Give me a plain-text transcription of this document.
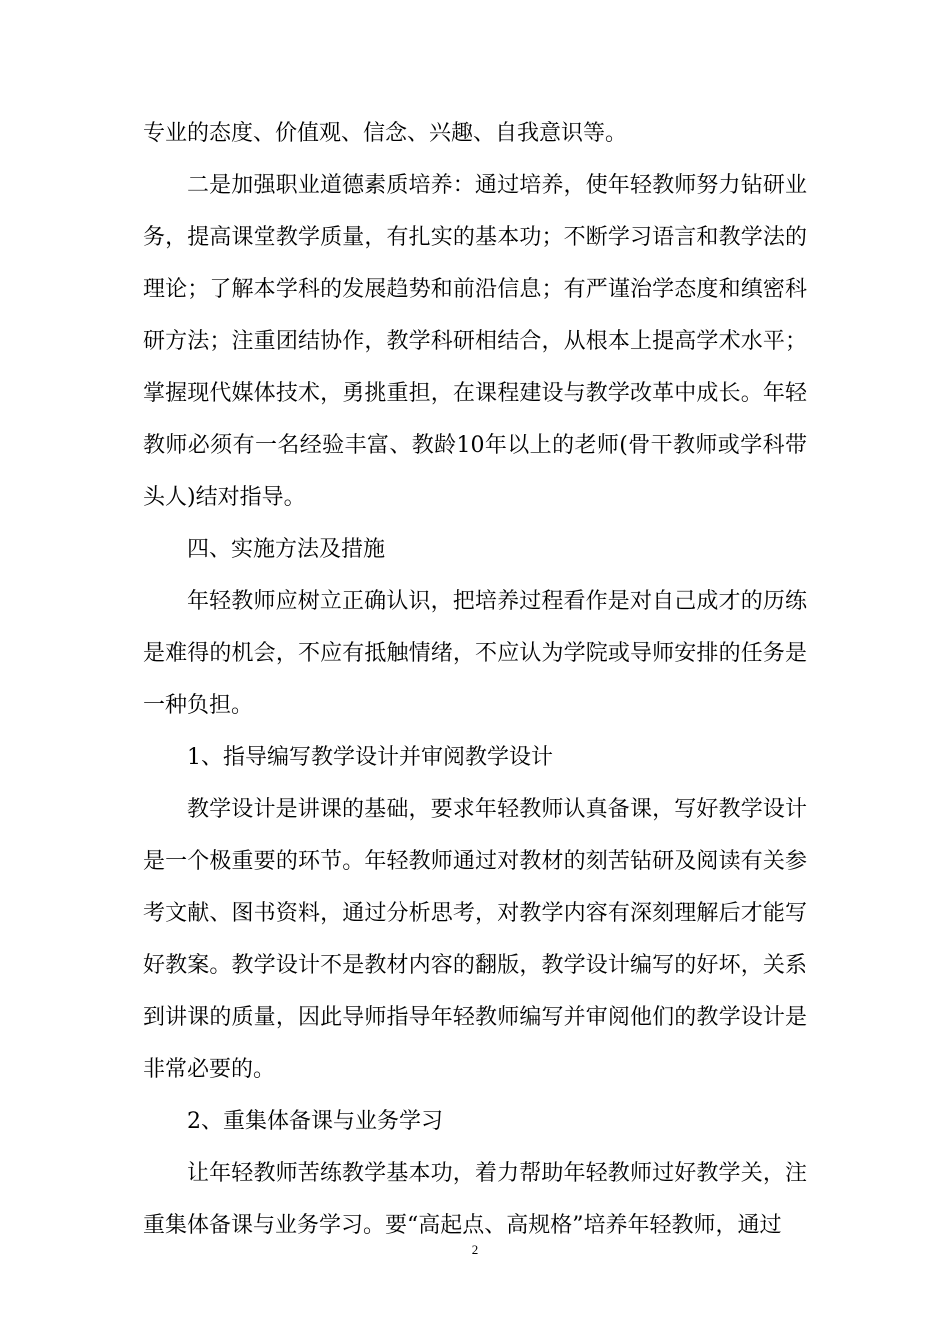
专业的态度、价值观、信念、兴趣、自我意识等。

二是加强职业道德素质培养：通过培养，使年轻教师努力钻研业务，提高课堂教学质量，有扎实的基本功；不断学习语言和教学法的理论；了解本学科的发展趋势和前沿信息；有严谨治学态度和缜密科研方法；注重团结协作，教学科研相结合，从根本上提高学术水平；掌握现代媒体技术，勇挑重担，在课程建设与教学改革中成长。年轻教师必须有一名经验丰富、教龄10年以上的老师(骨干教师或学科带头人)结对指导。

四、实施方法及措施

年轻教师应树立正确认识，把培养过程看作是对自己成才的历练是难得的机会，不应有抵触情绪，不应认为学院或导师安排的任务是一种负担。

1、指导编写教学设计并审阅教学设计

教学设计是讲课的基础，要求年轻教师认真备课，写好教学设计是一个极重要的环节。年轻教师通过对教材的刻苦钻研及阅读有关参考文献、图书资料，通过分析思考，对教学内容有深刻理解后才能写好教案。教学设计不是教材内容的翻版，教学设计编写的好坏，关系到讲课的质量，因此导师指导年轻教师编写并审阅他们的教学设计是非常必要的。

2、重集体备课与业务学习

让年轻教师苦练教学基本功，着力帮助年轻教师过好教学关，注重集体备课与业务学习。要“高起点、高规格”培养年轻教师，通过

2
